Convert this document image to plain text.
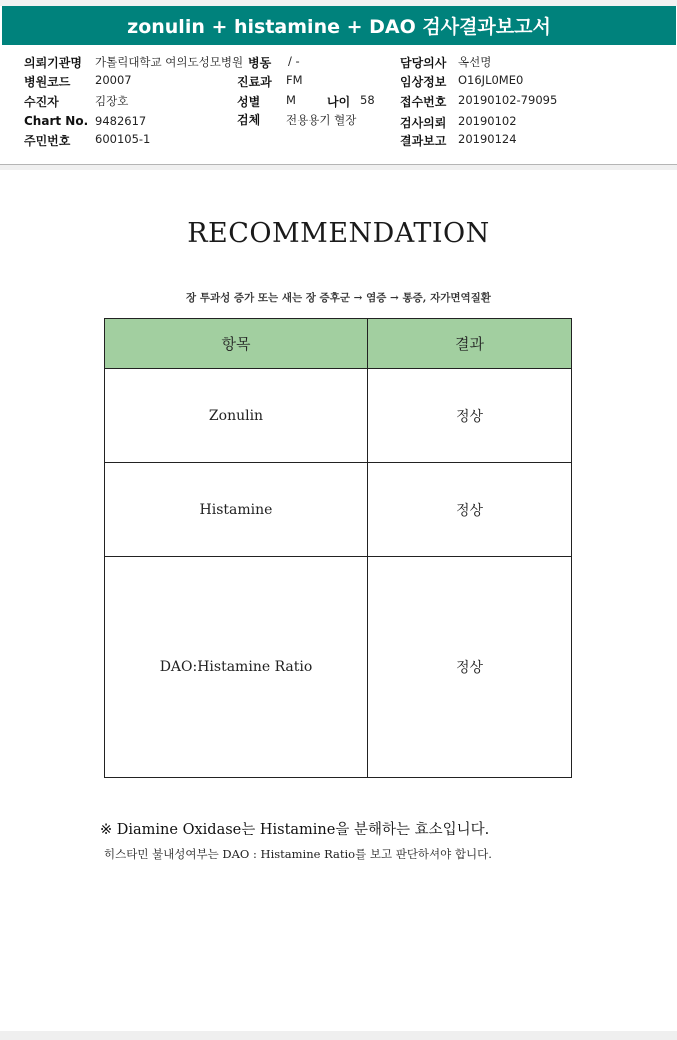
zonulin + histamine + DAO 검사결과보고서
의뢰기관명 가톨릭대학교 여의도성모병원 병동 / -	담당의사 옥선명
병원코드 20007	진료과 FM	임상정보 O16JL0ME0
수진자	김장호	성별 M	나이 58 접수번호 20190102-79095
Chart No. 9482617	검체 전용용기 혈장	검사의뢰 20190102
주민번호 600105-1	결과보고 20190124
RECOMMENDATION
장 투과성 증가 또는 새는 장 증후군 → 염증 → 통증, 자가면역질환
항목	결과
Zonulin	정상
Histamine	정상
DAO:Histamine Ratio	정상
※ Diamine Oxidase는 Histamine을 분해하는 효소입니다.
히스타민 불내성여부는 DAO : Histamine Ratio를 보고 판단하셔야 합니다.
